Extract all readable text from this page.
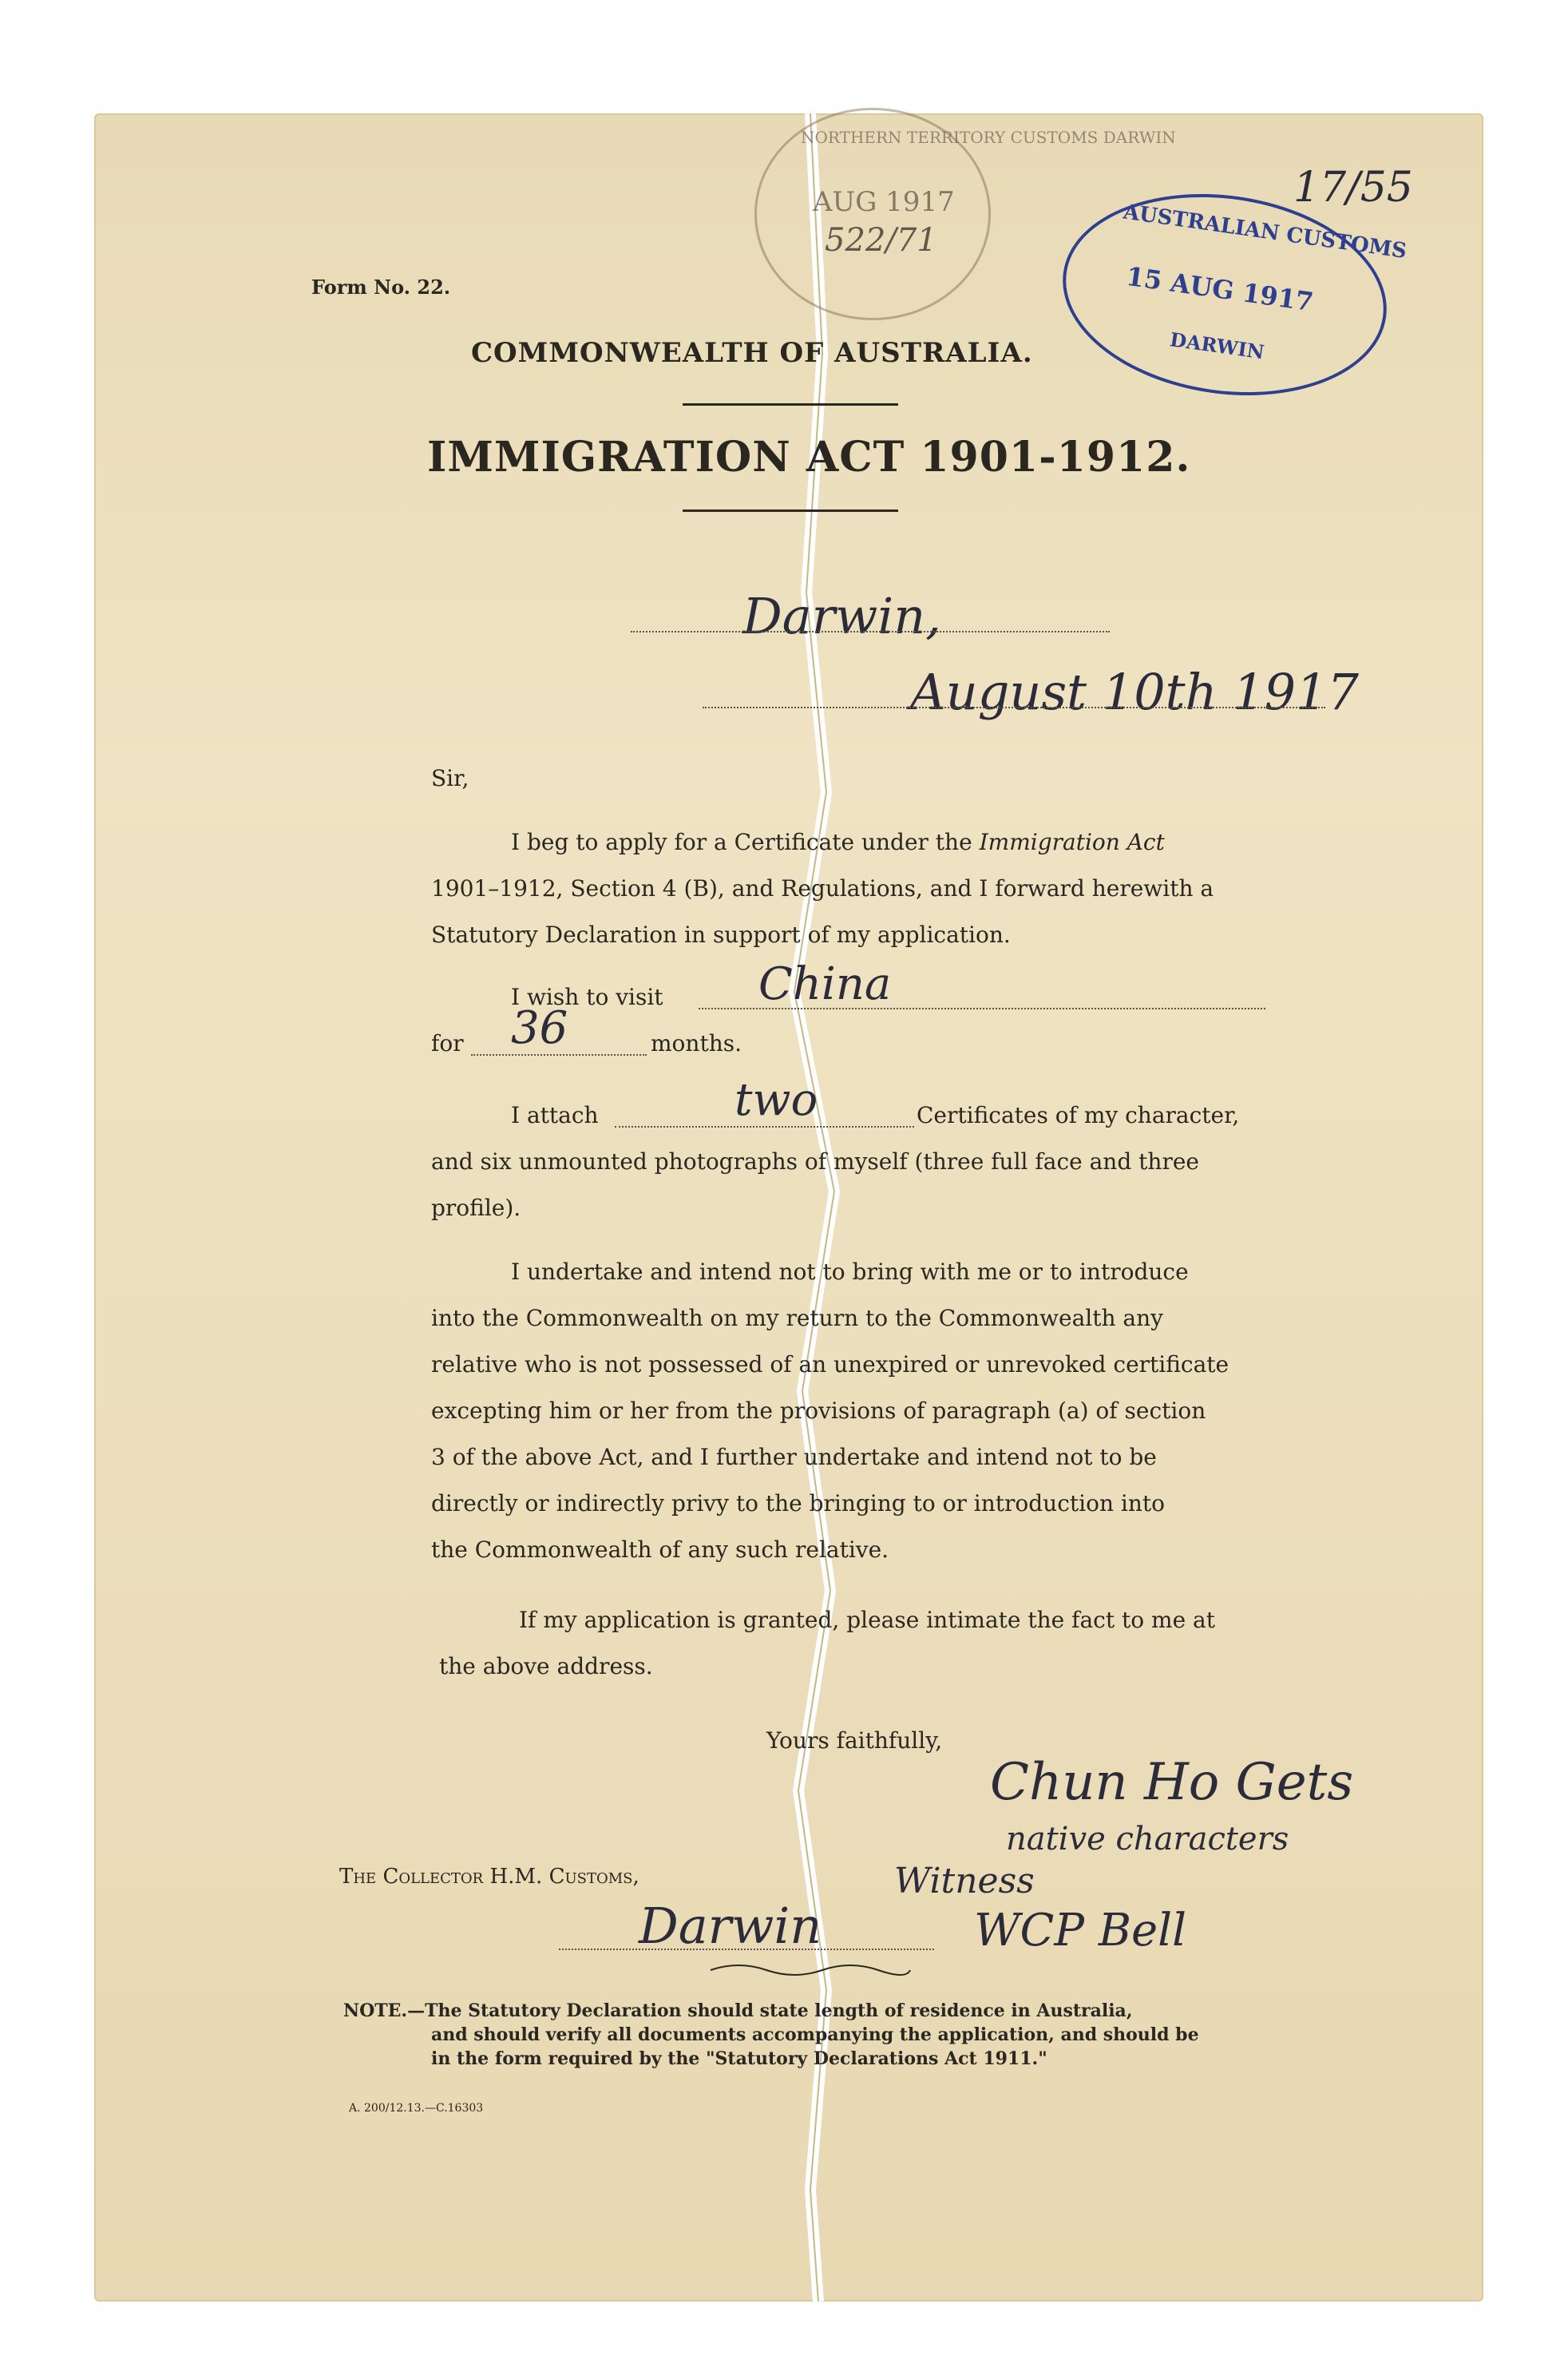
Form No. 22.
COMMONWEALTH OF AUSTRALIA.
IMMIGRATION ACT 1901-1912.
Darwin,
August 10th 1917
Sir,
I beg to apply for a Certificate under the Immigration Act
1901–1912, Section 4 (B), and Regulations, and I forward herewith a
Statutory Declaration in support of my application.
I wish to visit China
for 36	months.
I attach	two	Certificates of my character,
and six unmounted photographs of myself (three full face and three
profile).
I undertake and intend not to bring with me or to introduce
into the Commonwealth on my return to the Commonwealth any
relative who is not possessed of an unexpired or unrevoked certificate
excepting him or her from the provisions of paragraph (a) of section
3 of the above Act, and I further undertake and intend not to be
directly or indirectly privy to the bringing to or introduction into
the Commonwealth of any such relative.
If my application is granted, please intimate the fact to me at
the above address.
Yours faithfully,
Chun Ho Gets
native characters
Witness
WCP Bell
The Collector H.M. Customs,
Darwin
NOTE.—The Statutory Declaration should state length of residence in Australia,
and should verify all documents accompanying the application, and should be
in the form required by the "Statutory Declarations Act 1911."
A. 200/12.13.—C.16303
17/55
NORTHERN TERRITORY CUSTOMS DARWIN
AUG 1917
522/71	AUSTRALIAN CUSTOMS
15 AUG 1917
DARWIN
